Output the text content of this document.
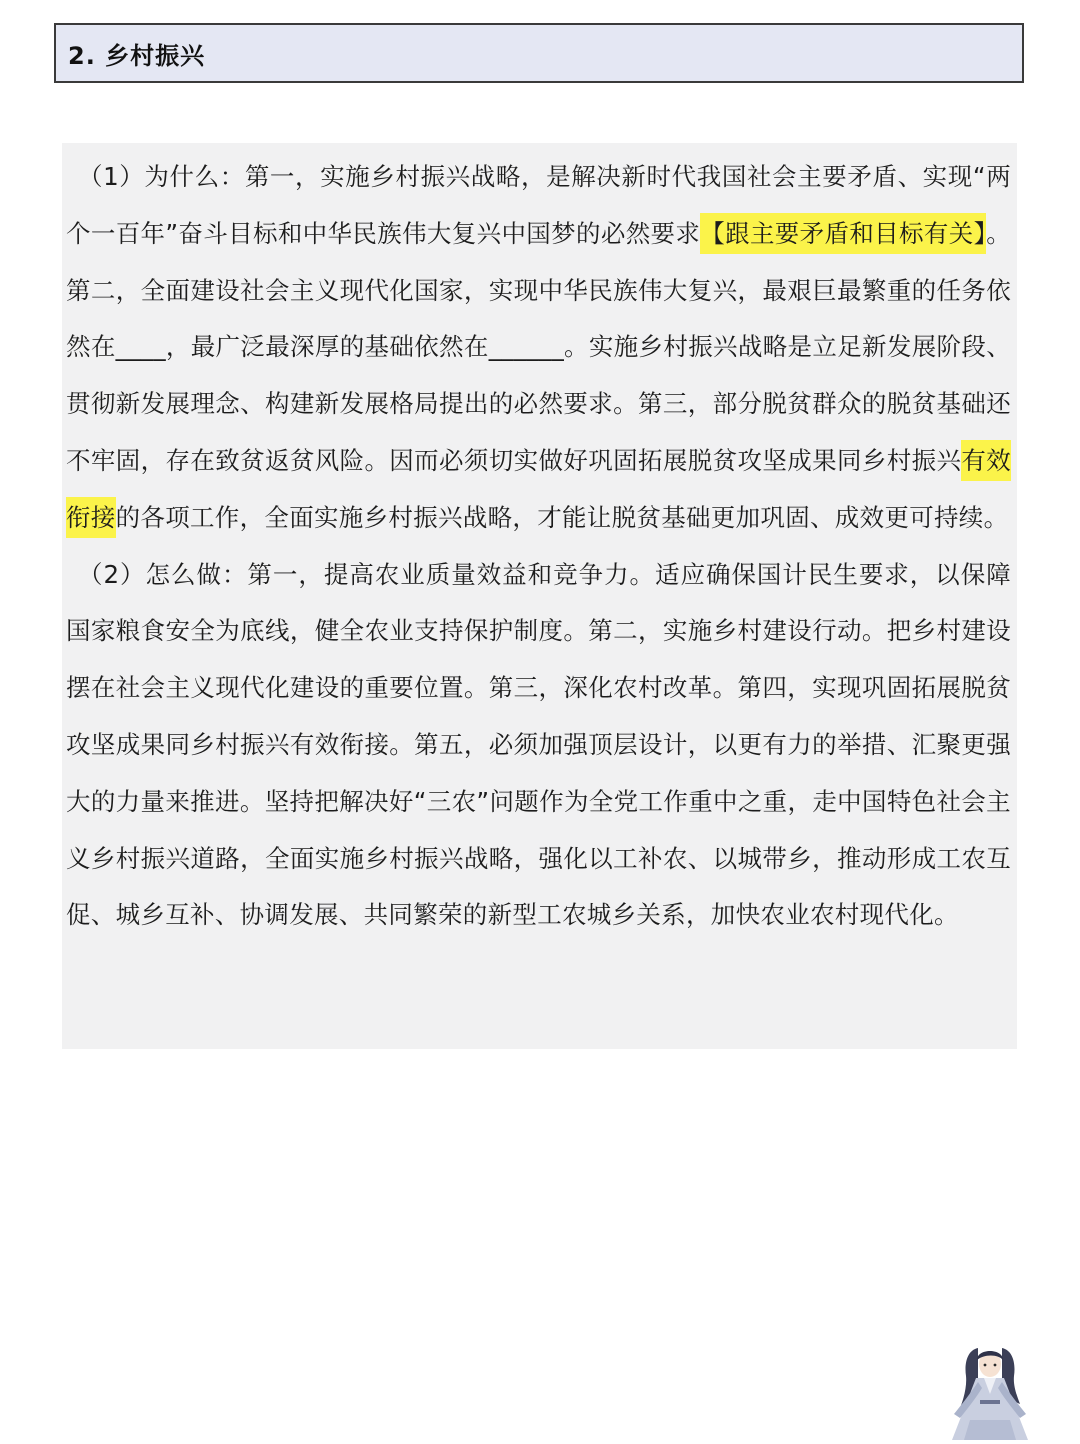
2. 乡村振兴

（1）为什么：第一，实施乡村振兴战略，是解决新时代我国社会主要矛盾、实现“两个一百年”奋斗目标和中华民族伟大复兴中国梦的必然要求【跟主要矛盾和目标有关】。第二，全面建设社会主义现代化国家，实现中华民族伟大复兴，最艰巨最繁重的任务依然在____，最广泛最深厚的基础依然在______。实施乡村振兴战略是立足新发展阶段、贯彻新发展理念、构建新发展格局提出的必然要求。第三，部分脱贫群众的脱贫基础还不牢固，存在致贫返贫风险。因而必须切实做好巩固拓展脱贫攻坚成果同乡村振兴有效衔接的各项工作，全面实施乡村振兴战略，才能让脱贫基础更加巩固、成效更可持续。

（2）怎么做：第一，提高农业质量效益和竞争力。适应确保国计民生要求，以保障国家粮食安全为底线，健全农业支持保护制度。第二，实施乡村建设行动。把乡村建设摆在社会主义现代化建设的重要位置。第三，深化农村改革。第四，实现巩固拓展脱贫攻坚成果同乡村振兴有效衔接。第五，必须加强顶层设计，以更有力的举措、汇聚更强大的力量来推进。坚持把解决好“三农”问题作为全党工作重中之重，走中国特色社会主义乡村振兴道路，全面实施乡村振兴战略，强化以工补农、以城带乡，推动形成工农互促、城乡互补、协调发展、共同繁荣的新型工农城乡关系，加快农业农村现代化。
